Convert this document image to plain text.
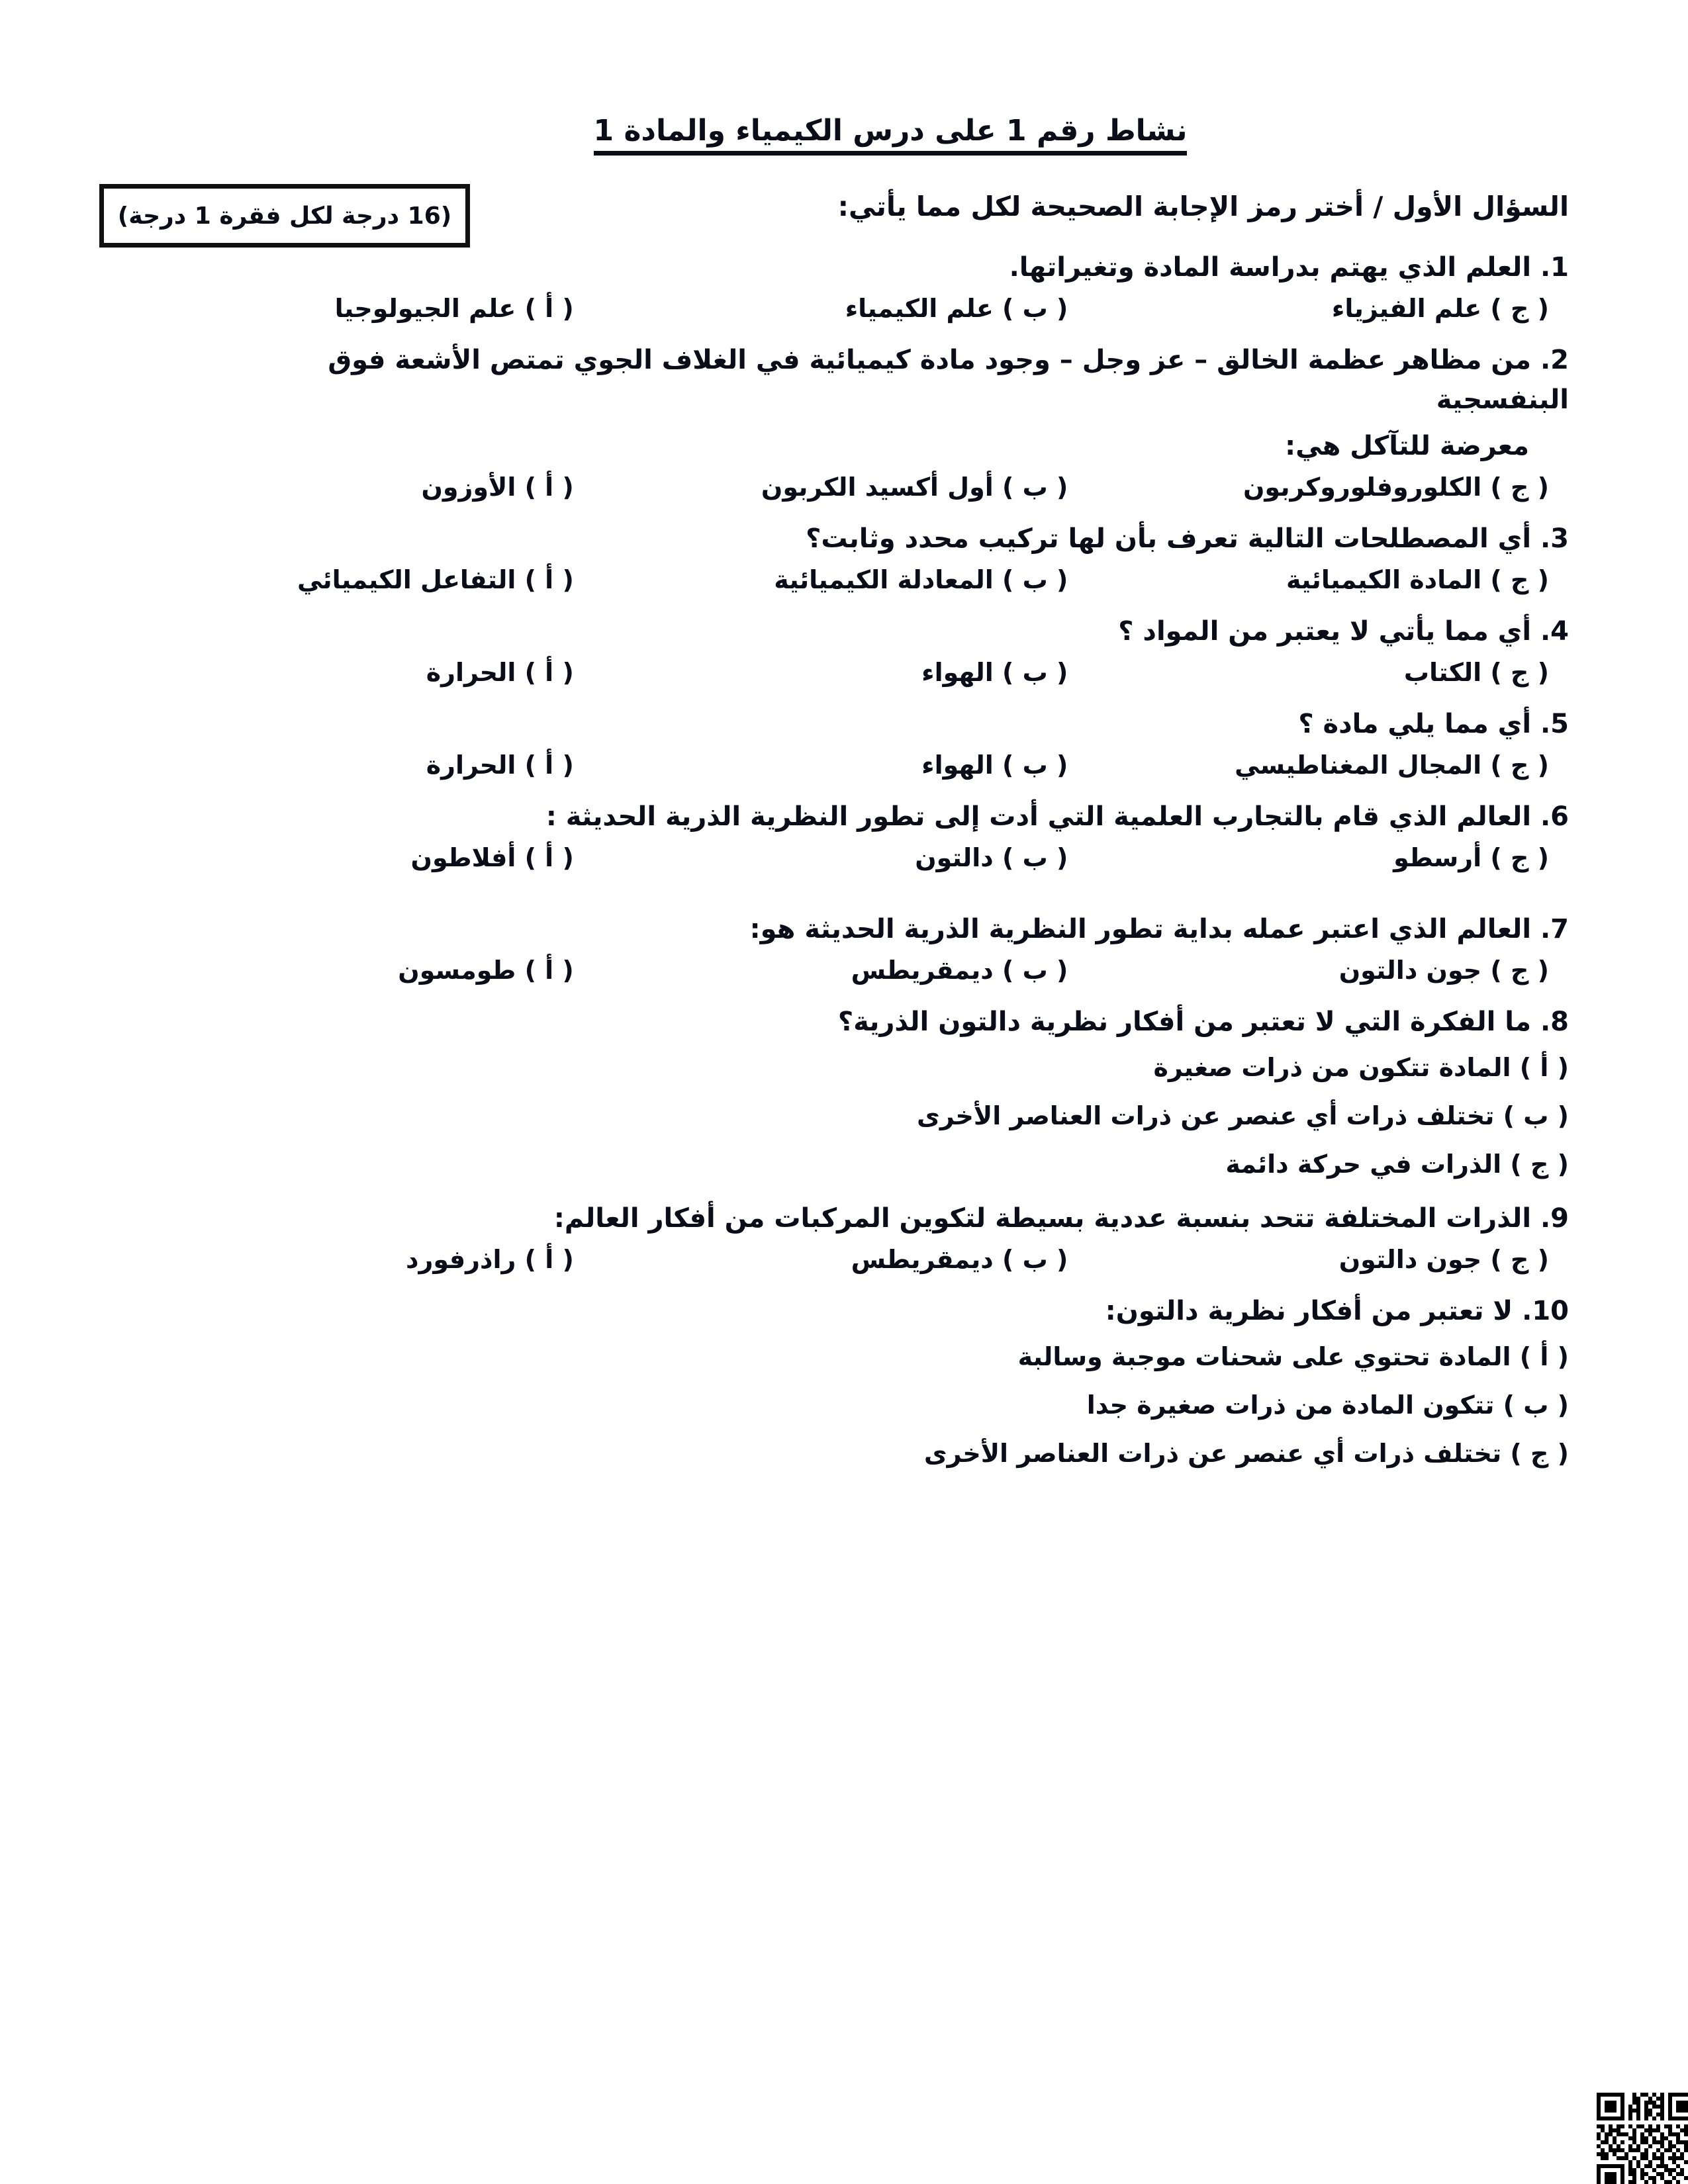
نشاط رقم 1 على درس الكيمياء والمادة 1
(16 درجة لكل فقرة 1 درجة)	السؤال الأول / أختر رمز الإجابة الصحيحة لكل مما يأتي:
1. العلم الذي يهتم بدراسة المادة وتغيراتها.
( ج ) علم الفيزياء
( ب ) علم الكيمياء
( أ ) علم الجيولوجيا
2. من مظاهر عظمة الخالق – عز وجل – وجود مادة كيميائية في الغلاف الجوي تمتص الأشعة فوق البنفسجية
معرضة للتآكل هي:
( ج ) الكلوروفلوروكربون
( ب ) أول أكسيد الكربون
( أ ) الأوزون
3. أي المصطلحات التالية تعرف بأن لها تركيب محدد وثابت؟
( ج ) المادة الكيميائية
( ب ) المعادلة الكيميائية
( أ ) التفاعل الكيميائي
4. أي مما يأتي لا يعتبر من المواد ؟
( ج ) الكتاب
( ب ) الهواء
( أ ) الحرارة
5. أي مما يلي مادة ؟
( ج ) المجال المغناطيسي
( ب ) الهواء
( أ ) الحرارة
6. العالم الذي قام بالتجارب العلمية التي أدت إلى تطور النظرية الذرية الحديثة :
( ج ) أرسطو
( ب ) دالتون
( أ ) أفلاطون
7. العالم الذي اعتبر عمله بداية تطور النظرية الذرية الحديثة هو:
( ج ) جون دالتون
( ب ) ديمقريطس
( أ ) طومسون
8. ما الفكرة التي لا تعتبر من أفكار نظرية دالتون الذرية؟
( أ ) المادة تتكون من ذرات صغيرة
( ب ) تختلف ذرات أي عنصر عن ذرات العناصر الأخرى
( ج ) الذرات في حركة دائمة
9. الذرات المختلفة تتحد بنسبة عددية بسيطة لتكوين المركبات من أفكار العالم:
( ج ) جون دالتون
( ب ) ديمقريطس
( أ ) راذرفورد
10. لا تعتبر من أفكار نظرية دالتون:
( أ ) المادة تحتوي على شحنات موجبة وسالبة
( ب ) تتكون المادة من ذرات صغيرة جدا
( ج ) تختلف ذرات أي عنصر عن ذرات العناصر الأخرى
